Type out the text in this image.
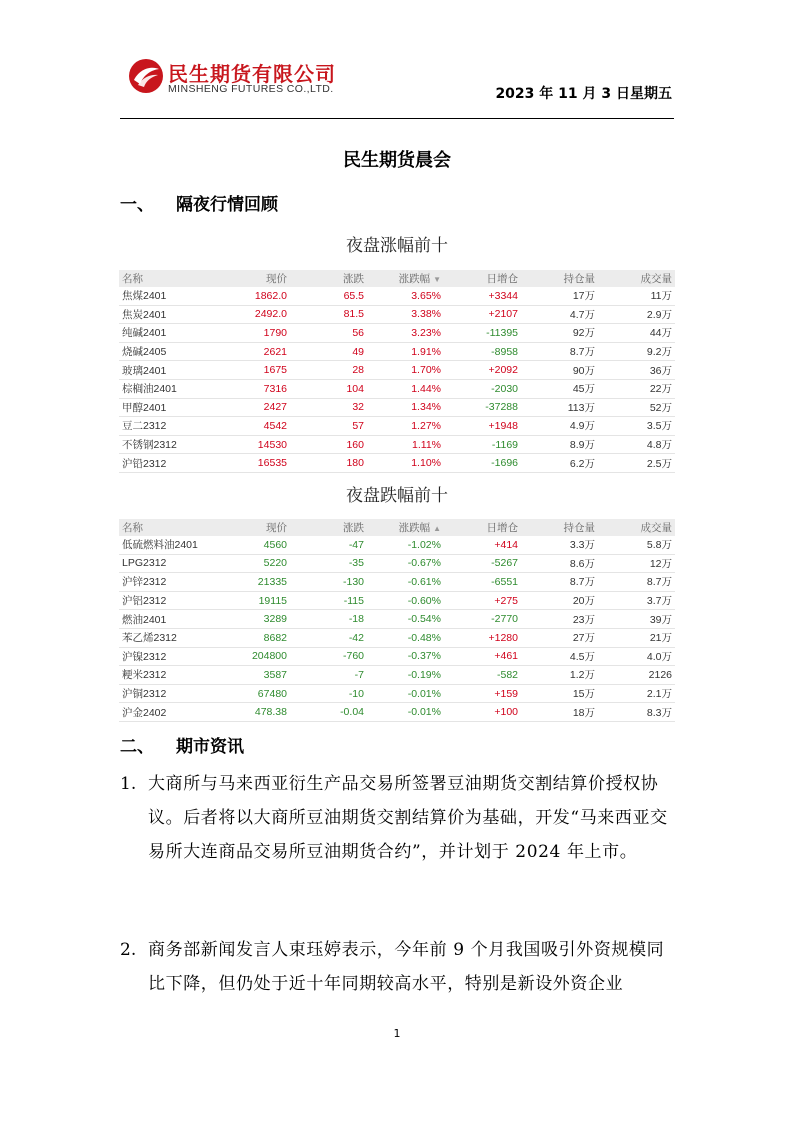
民生期货有限公司
MINSHENG FUTURES CO.,LTD.	2023 年 11 月 3 日星期五
民生期货晨会
一、 隔夜行情回顾
夜盘涨幅前十
名称	现价	涨跌	涨跌幅 ▼	日增仓	持仓量	成交量
焦煤2401	1862.0	65.5	3.65%	+3344	17万	11万
焦炭2401	2492.0	81.5	3.38%	+2107	4.7万	2.9万
纯碱2401	1790	56	3.23%	-11395	92万	44万
烧碱2405	2621	49	1.91%	-8958	8.7万	9.2万
玻璃2401	1675	28	1.70%	+2092	90万	36万
棕榈油2401	7316	104	1.44%	-2030	45万	22万
甲醇2401	2427	32	1.34%	-37288	113万	52万
豆二2312	4542	57	1.27%	+1948	4.9万	3.5万
不锈钢2312	14530	160	1.11%	-1169	8.9万	4.8万
沪铅2312	16535	180	1.10%	-1696	6.2万	2.5万
夜盘跌幅前十
名称	现价	涨跌	涨跌幅 ▲	日增仓	持仓量	成交量
低硫燃料油2401	4560	-47	-1.02%	+414	3.3万	5.8万
LPG2312	5220	-35	-0.67%	-5267	8.6万	12万
沪锌2312	21335	-130	-0.61%	-6551	8.7万	8.7万
沪铝2312	19115	-115	-0.60%	+275	20万	3.7万
燃油2401	3289	-18	-0.54%	-2770	23万	39万
苯乙烯2312	8682	-42	-0.48%	+1280	27万	21万
沪镍2312	204800	-760	-0.37%	+461	4.5万	4.0万
粳米2312	3587	-7	-0.19%	-582	1.2万	2126
沪铜2312	67480	-10	-0.01%	+159	15万	2.1万
沪金2402	478.38	-0.04	-0.01%	+100	18万	8.3万
二、 期市资讯
1. 大商所与马来西亚衍生产品交易所签署豆油期货交割结算价授权协议。后者将以大商所豆油期货交割结算价为基础，开发“马来西亚交易所大连商品交易所豆油期货合约”，并计划于 2024 年上市。
2. 商务部新闻发言人束珏婷表示，今年前 9 个月我国吸引外资规模同比下降，但仍处于近十年同期较高水平，特别是新设外资企业
1
